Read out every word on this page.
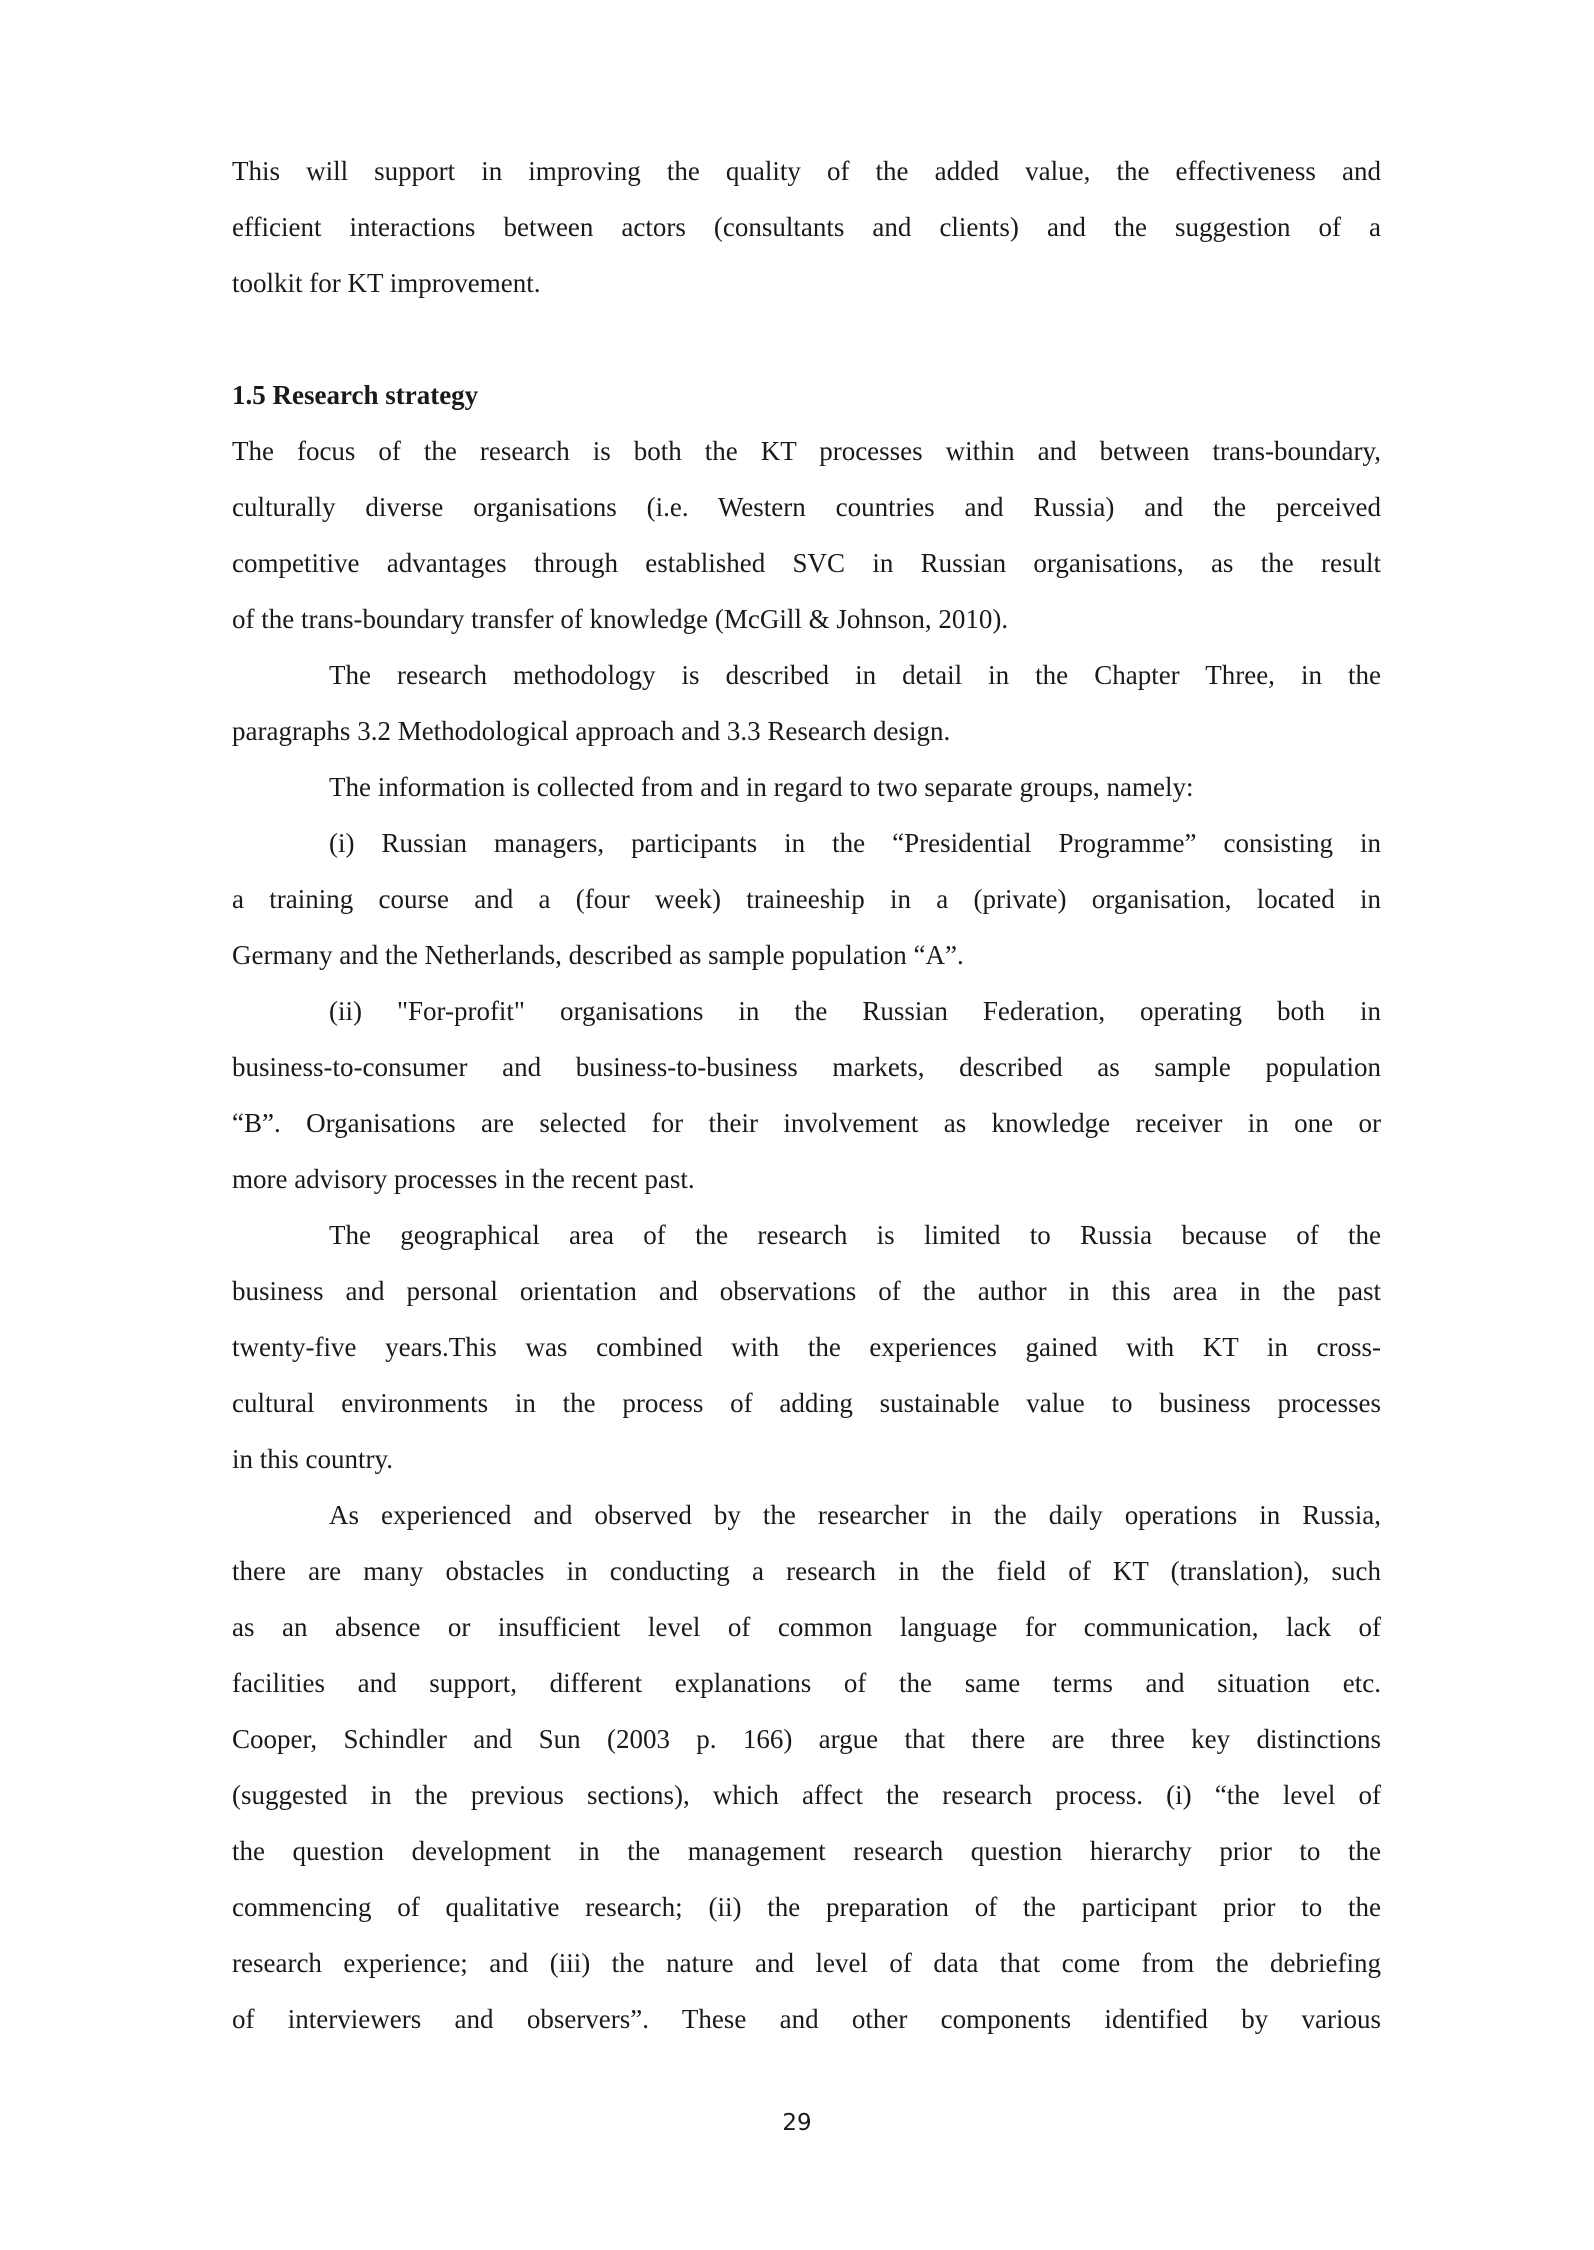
This will support in improving the quality of the added value, the effectiveness and
efficient interactions between actors (consultants and clients) and the suggestion of a
toolkit for KT improvement.
1.5 Research strategy
The focus of the research is both the KT processes within and between trans-boundary,
culturally diverse organisations (i.e. Western countries and Russia) and the perceived
competitive advantages through established SVC in Russian organisations, as the result
of the trans-boundary transfer of knowledge (McGill & Johnson, 2010).
The research methodology is described in detail in the Chapter Three, in the
paragraphs 3.2 Methodological approach and 3.3 Research design.
The information is collected from and in regard to two separate groups, namely:
(i) Russian managers, participants in the “Presidential Programme” consisting in
a training course and a (four week) traineeship in a (private) organisation, located in
Germany and the Netherlands, described as sample population “A”.
(ii) "For-profit" organisations in the Russian Federation, operating both in
business-to-consumer and business-to-business markets, described as sample population
“B”. Organisations are selected for their involvement as knowledge receiver in one or
more advisory processes in the recent past.
The geographical area of the research is limited to Russia because of the
business and personal orientation and observations of the author in this area in the past
twenty-five years.This was combined with the experiences gained with KT in cross-
cultural environments in the process of adding sustainable value to business processes
in this country.
As experienced and observed by the researcher in the daily operations in Russia,
there are many obstacles in conducting a research in the field of KT (translation), such
as an absence or insufficient level of common language for communication, lack of
facilities and support, different explanations of the same terms and situation etc.
Cooper, Schindler and Sun (2003 p. 166) argue that there are three key distinctions
(suggested in the previous sections), which affect the research process. (i) “the level of
the question development in the management research question hierarchy prior to the
commencing of qualitative research; (ii) the preparation of the participant prior to the
research experience; and (iii) the nature and level of data that come from the debriefing
of interviewers and observers”. These and other components identified by various
29
